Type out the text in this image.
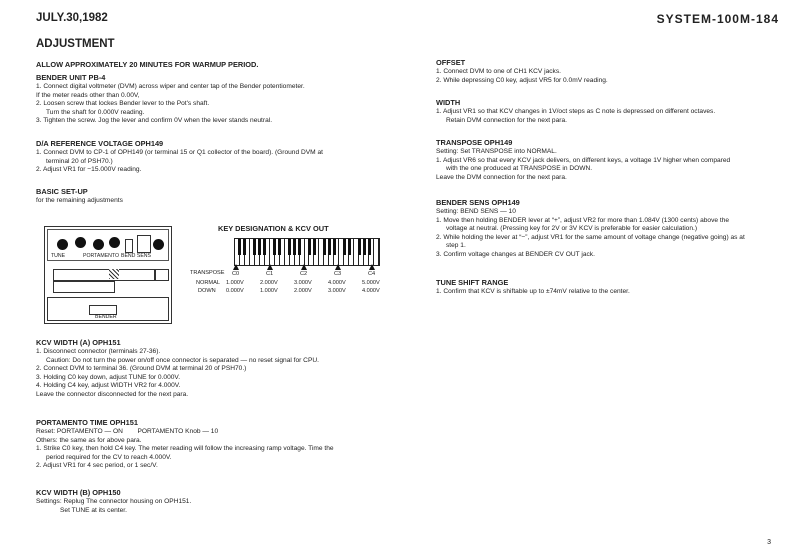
JULY.30,1982	SYSTEM-100M-184
ADJUSTMENT
ALLOW APPROXIMATELY 20 MINUTES FOR WARMUP PERIOD.
BENDER UNIT PB-4

1. Connect digital voltmeter (DVM) across wiper and center tap of the Bender potentiometer.

If the meter reads other than 0.00V,

2. Loosen screw that lockes Bender lever to the Pot's shaft.

Turn the shaft for 0.000V reading.

3. Tighten the screw. Jog the lever and confirm 0V when the lever stands neutral.

D/A REFERENCE VOLTAGE OPH149

1. Connect DVM to CP-1 of OPH149 (or terminal 15 or Q1 collector of the board). (Ground DVM at

terminal 20 of PSH70.)

2. Adjust VR1 for −15.000V reading.

BASIC SET-UP

for the remaining adjustments

TUNE	PORTAMENTO BEND SENS
BENDER
KEY DESIGNATION & KCV OUT
TRANSPOSE
NORMAL
DOWN
C0	C1	C2	C3	C4
1.000V	2.000V	3.000V	4.000V	5.000V
0.000V	1.000V	2.000V	3.000V	4.000V
KCV WIDTH (A) OPH151

1. Disconnect connector (terminals 27-36).

Caution: Do not turn the power on/off once connector is separated — no reset signal for CPU.

2. Connect DVM to terminal 36. (Ground DVM at terminal 20 of PSH70.)

3. Holding C0 key down, adjust TUNE for 0.000V.

4. Holding C4 key, adjust WIDTH VR2 for 4.000V.

Leave the connector disconnected for the next para.

PORTAMENTO TIME OPH151

Reset: PORTAMENTO — ON PORTAMENTO Knob — 10

Others: the same as for above para.

1. Strike C0 key, then hold C4 key. The meter reading will follow the increasing ramp voltage. Time the

period required for the CV to reach 4.000V.

2. Adjust VR1 for 4 sec period, or 1 sec/V.

KCV WIDTH (B) OPH150

Settings: Replug The connector housing on OPH151.

Set TUNE at its center.

OFFSET

1. Connect DVM to one of CH1 KCV jacks.

2. While depressing C0 key, adjust VR5 for 0.0mV reading.

WIDTH

1. Adjust VR1 so that KCV changes in 1V/oct steps as C note is depressed on different octaves.

Retain DVM connection for the next para.

TRANSPOSE OPH149

Setting: Set TRANSPOSE into NORMAL.

1. Adjust VR6 so that every KCV jack delivers, on different keys, a voltage 1V higher when compared

with the one produced at TRANSPOSE in DOWN.

Leave the DVM connection for the next para.

BENDER SENS OPH149

Setting: BEND SENS — 10

1. Move then holding BENDER lever at “+”, adjust VR2 for more than 1.084V (1300 cents) above the

voltage at neutral. (Pressing key for 2V or 3V KCV is preferable for easier calculation.)

2. While holding the lever at “−”, adjust VR1 for the same amount of voltage change (negative going) as at

step 1.

3. Confirm voltage changes at BENDER CV OUT jack.

TUNE SHIFT RANGE

1. Confirm that KCV is shiftable up to ±74mV relative to the center.

3
